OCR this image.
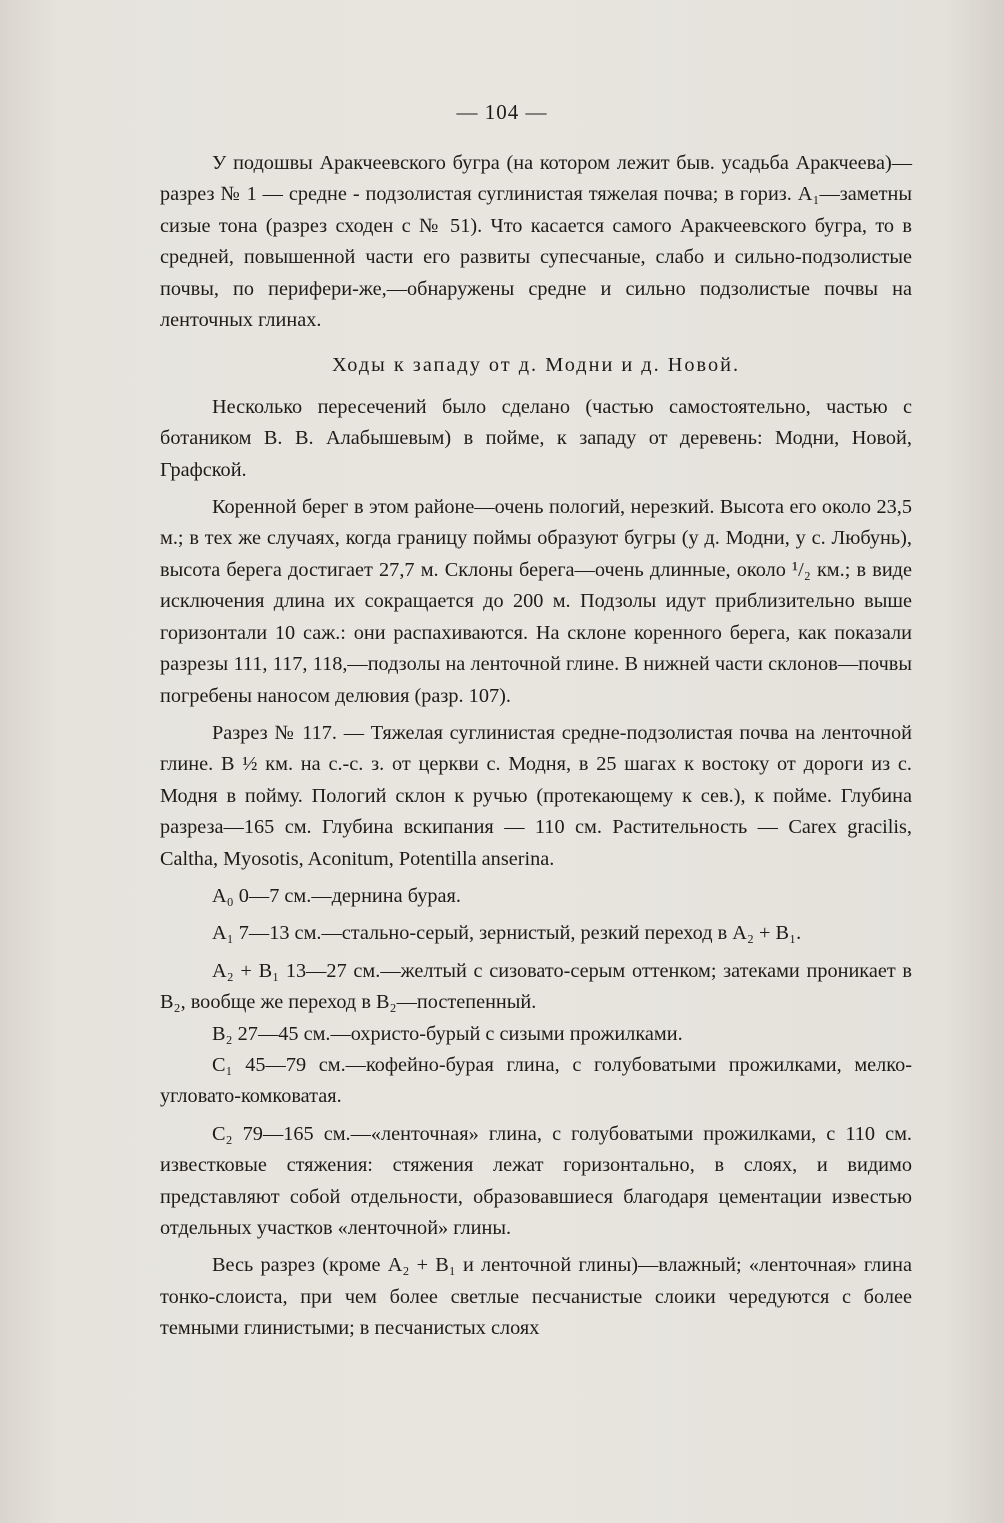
— 104 —

У подошвы Аракчеевского бугра (на котором лежит быв. усадьба Аракчеева)—разрез № 1 — средне - подзолистая суглинистая тяжелая почва; в гориз. A₁—заметны сизые тона (разрез сходен с № 51). Что касается самого Аракчеевского бугра, то в средней, повышенной части его развиты супесчаные, слабо и сильно-подзолистые почвы, по перифери-же,—обнаружены средне и сильно подзолистые почвы на ленточных глинах.

Ходы к западу от д. Модни и д. Новой.

Несколько пересечений было сделано (частью самостоятельно, частью с ботаником В. В. Алабышевым) в пойме, к западу от деревень: Модни, Новой, Графской.

Коренной берег в этом районе—очень пологий, нерезкий. Высота его около 23,5 м.; в тех же случаях, когда границу поймы образуют бугры (у д. Модни, у с. Любунь), высота берега достигает 27,7 м. Склоны берега—очень длинные, около ¹/₂ км.; в виде исключения длина их сокращается до 200 м. Подзолы идут приблизительно выше горизонтали 10 саж.: они распахиваются. На склоне коренного берега, как показали разрезы 111, 117, 118,—подзолы на ленточной глине. В нижней части склонов—почвы погребены наносом делювия (разр. 107).

Разрез № 117. — Тяжелая суглинистая средне-подзолистая почва на ленточной глине. В ½ км. на с.-с. з. от церкви с. Модня, в 25 шагах к востоку от дороги из с. Модня в пойму. Пологий склон к ручью (протекающему к сев.), к пойме. Глубина разреза—165 см. Глубина вскипания — 110 см. Растительность — Carex gracilis, Caltha, Myosotis, Aconitum, Potentilla anserina.

A₀ 0—7 см.—дернина бурая.

A₁ 7—13 см.—стально-серый, зернистый, резкий переход в A₂ + B₁.

A₂ + B₁ 13—27 см.—желтый с сизовато-серым оттенком; затеками проникает в B₂, вообще же переход в B₂—постепенный.

B₂ 27—45 см.—охристо-бурый с сизыми прожилками.

C₁ 45—79 см.—кофейно-бурая глина, с голубоватыми прожилками, мелко-угловато-комковатая.

C₂ 79—165 см.—«ленточная» глина, с голубоватыми прожилками, с 110 см. известковые стяжения: стяжения лежат горизонтально, в слоях, и видимо представляют собой отдельности, образовавшиеся благодаря цементации известью отдельных участков «ленточной» глины.

Весь разрез (кроме A₂ + B₁ и ленточной глины)—влажный; «ленточная» глина тонко-слоиста, при чем более светлые песчанистые слоики чередуются с более темными глинистыми; в песчанистых слоях
